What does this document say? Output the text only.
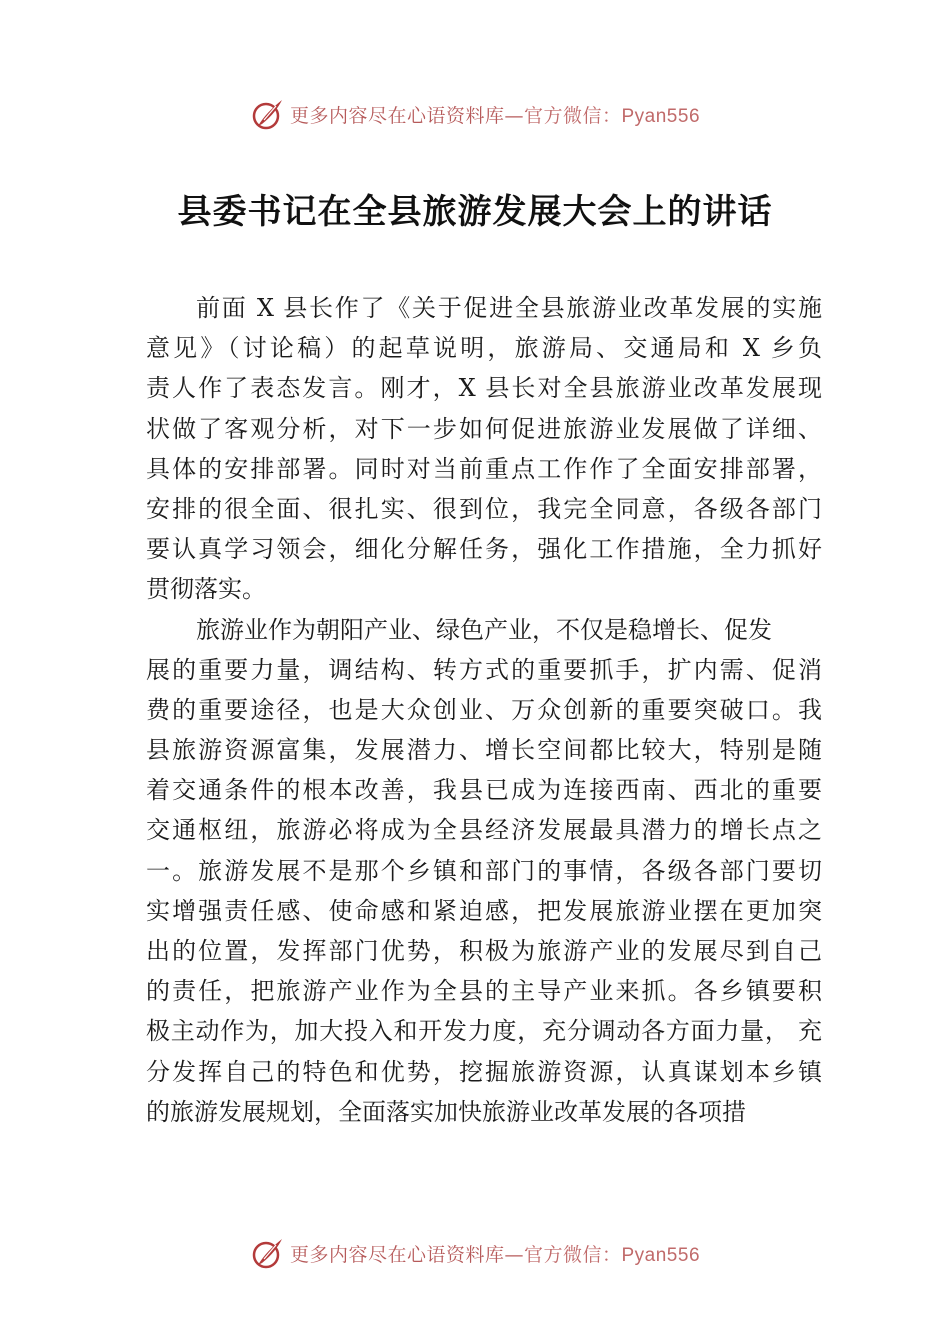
更多内容尽在心语资料库—官方微信：Pyan556
县委书记在全县旅游发展大会上的讲话
前面 X 县长作了《关于促进全县旅游业改革发展的实施
意见》（讨论稿）的起草说明，旅游局、交通局和 X 乡负
责人作了表态发言。刚才，X 县长对全县旅游业改革发展现
状做了客观分析，对下一步如何促进旅游业发展做了详细、
具体的安排部署。同时对当前重点工作作了全面安排部署，
安排的很全面、很扎实、很到位，我完全同意，各级各部门
要认真学习领会，细化分解任务，强化工作措施，全力抓好
贯彻落实。
旅游业作为朝阳产业、绿色产业，不仅是稳增长、促发
展的重要力量，调结构、转方式的重要抓手，扩内需、促消
费的重要途径，也是大众创业、万众创新的重要突破口。我
县旅游资源富集，发展潜力、增长空间都比较大，特别是随
着交通条件的根本改善，我县已成为连接西南、西北的重要
交通枢纽，旅游必将成为全县经济发展最具潜力的增长点之
一。旅游发展不是那个乡镇和部门的事情，各级各部门要切
实增强责任感、使命感和紧迫感，把发展旅游业摆在更加突
出的位置，发挥部门优势，积极为旅游产业的发展尽到自己
的责任，把旅游产业作为全县的主导产业来抓。各乡镇要积
极主动作为，加大投入和开发力度，充分调动各方面力量， 充
分发挥自己的特色和优势，挖掘旅游资源，认真谋划本乡镇
的旅游发展规划，全面落实加快旅游业改革发展的各项措
更多内容尽在心语资料库—官方微信：Pyan556
